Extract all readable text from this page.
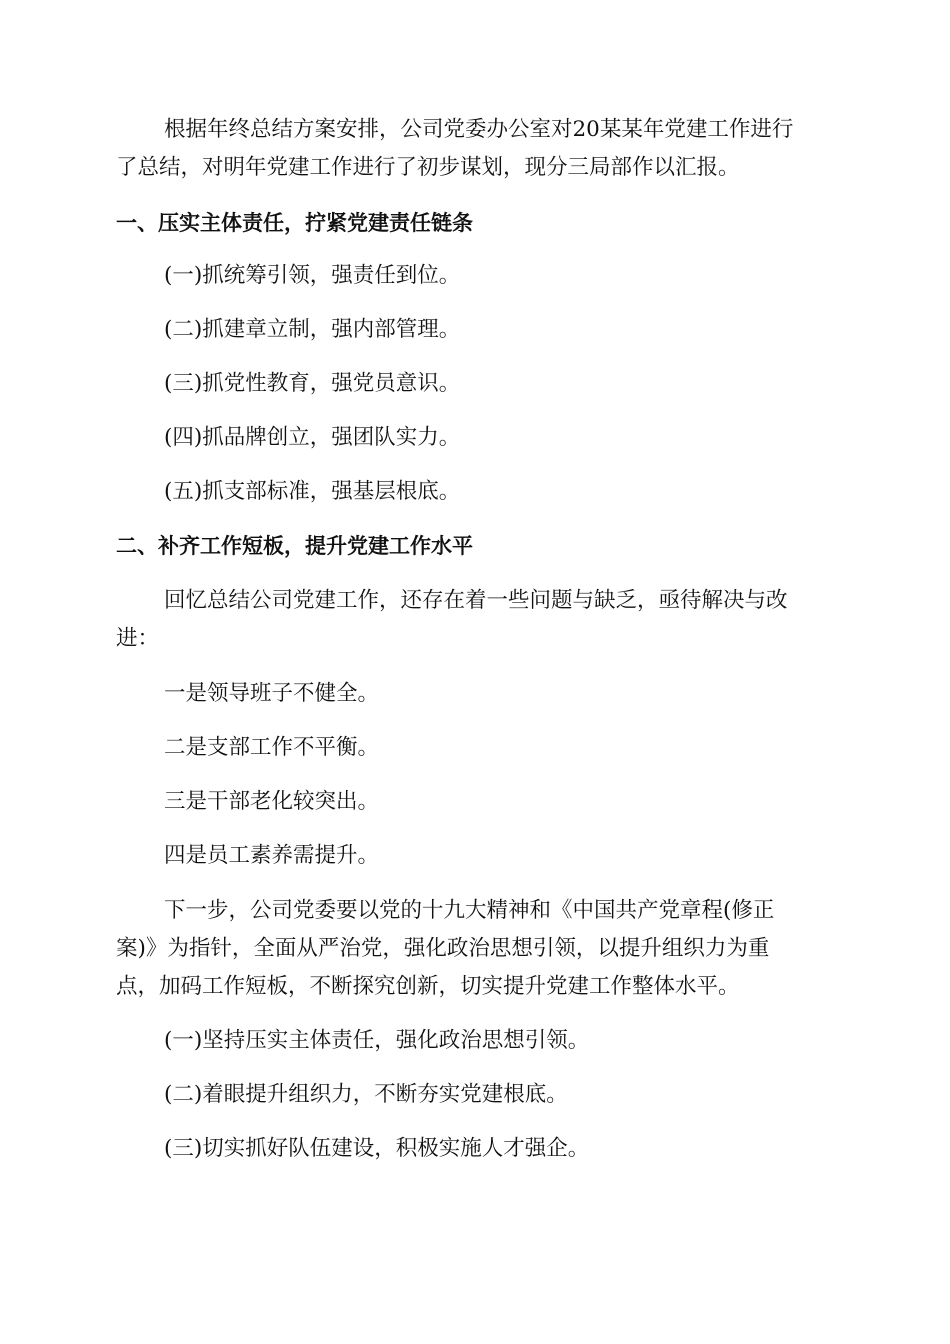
根据年终总结方案安排，公司党委办公室对20某某年党建工作进行

了总结，对明年党建工作进行了初步谋划，现分三局部作以汇报。

一、压实主体责任，拧紧党建责任链条

(一)抓统筹引领，强责任到位。

(二)抓建章立制，强内部管理。

(三)抓党性教育，强党员意识。

(四)抓品牌创立，强团队实力。

(五)抓支部标准，强基层根底。

二、补齐工作短板，提升党建工作水平

回忆总结公司党建工作，还存在着一些问题与缺乏，亟待解决与改

进：

一是领导班子不健全。

二是支部工作不平衡。

三是干部老化较突出。

四是员工素养需提升。

下一步，公司党委要以党的十九大精神和《中国共产党章程(修正

案)》为指针，全面从严治党，强化政治思想引领，以提升组织力为重

点，加码工作短板，不断探究创新，切实提升党建工作整体水平。

(一)坚持压实主体责任，强化政治思想引领。

(二)着眼提升组织力，不断夯实党建根底。

(三)切实抓好队伍建设，积极实施人才强企。
